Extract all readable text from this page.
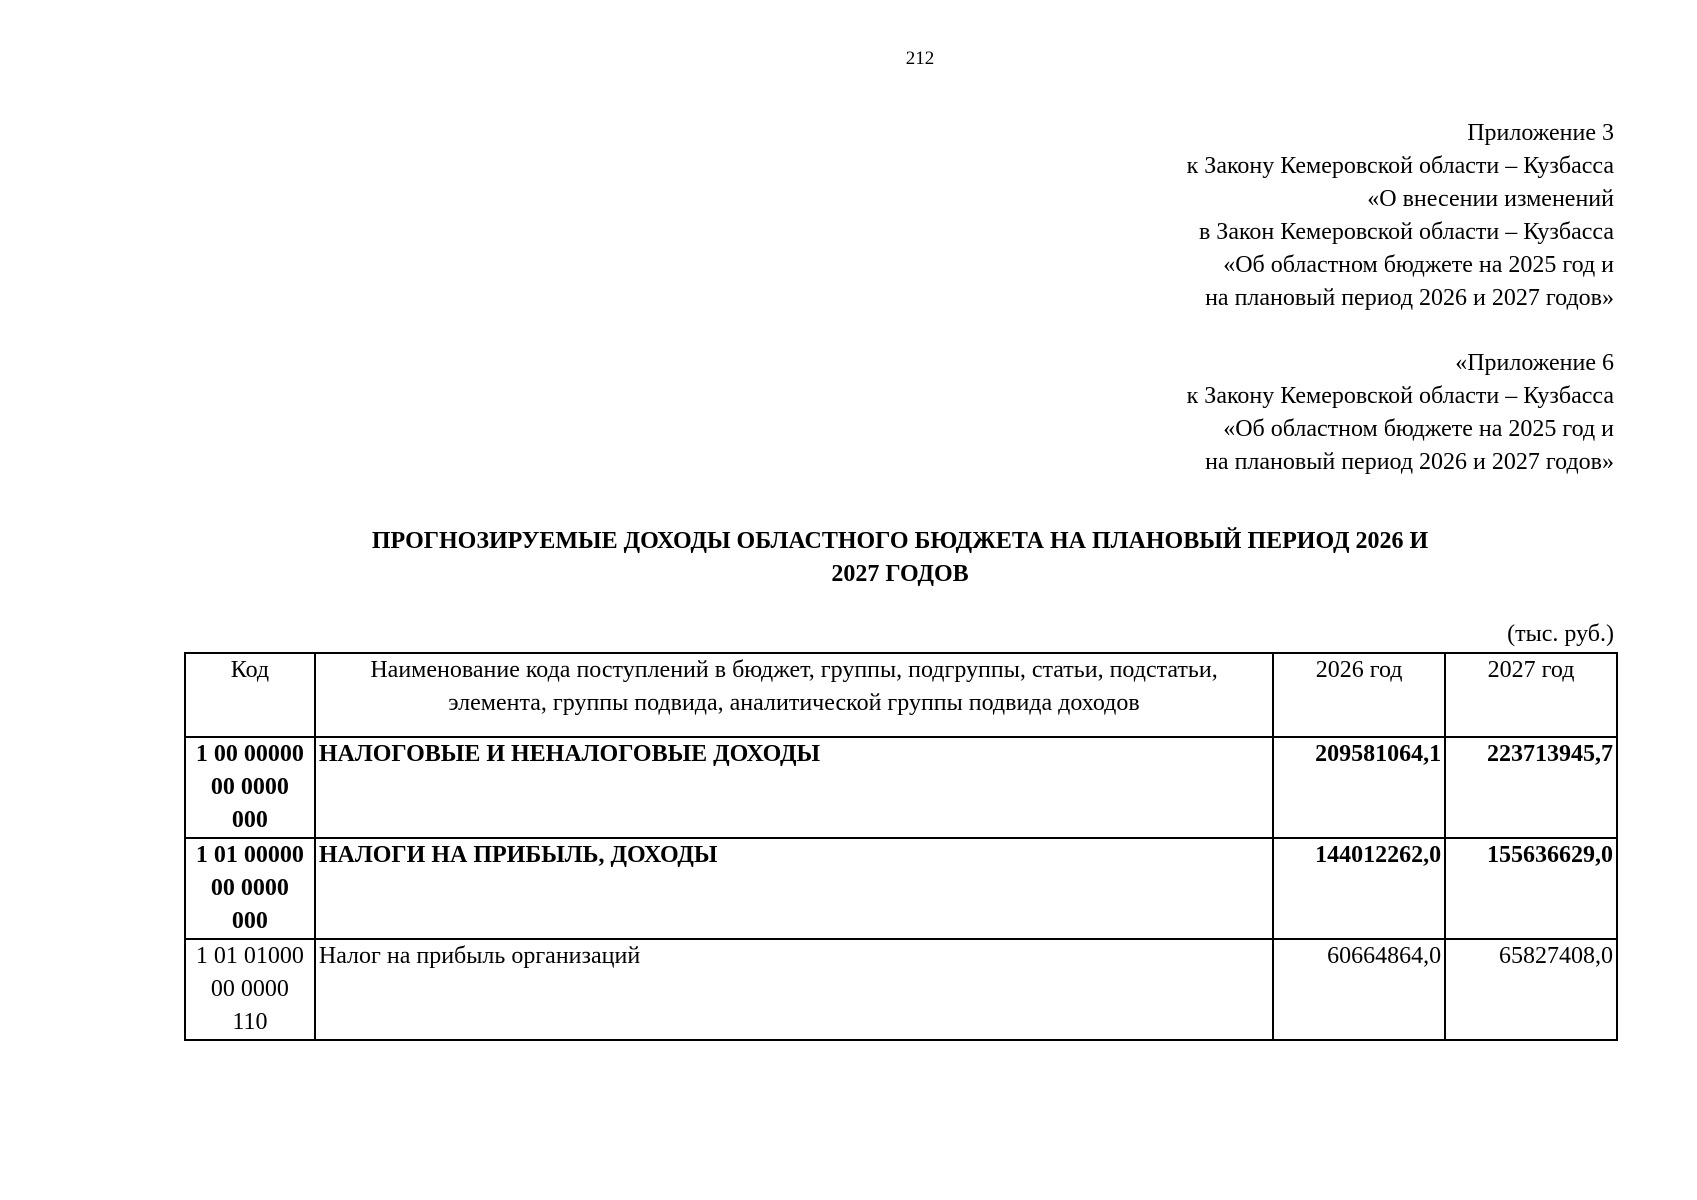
212
Приложение 3
к Закону Кемеровской области – Кузбасса
«О внесении изменений
в Закон Кемеровской области – Кузбасса
«Об областном бюджете на 2025 год и
на плановый период 2026 и 2027 годов»
«Приложение 6
к Закону Кемеровской области – Кузбасса
«Об областном бюджете на 2025 год и
на плановый период 2026 и 2027 годов»
ПРОГНОЗИРУЕМЫЕ ДОХОДЫ ОБЛАСТНОГО БЮДЖЕТА НА ПЛАНОВЫЙ ПЕРИОД 2026 И
2027 ГОДОВ
(тыс. руб.)
Код	Наименование кода поступлений в бюджет, группы, подгруппы, статьи, подстатьи, элемента, группы подвида, аналитической группы подвида доходов	2026 год	2027 год

1 00 00000
00 0000
000	НАЛОГОВЫЕ И НЕНАЛОГОВЫЕ ДОХОДЫ	209581064,1	223713945,7

1 01 00000
00 0000
000	НАЛОГИ НА ПРИБЫЛЬ, ДОХОДЫ	144012262,0	155636629,0

1 01 01000
00 0000
110	Налог на прибыль организаций	60664864,0	65827408,0
